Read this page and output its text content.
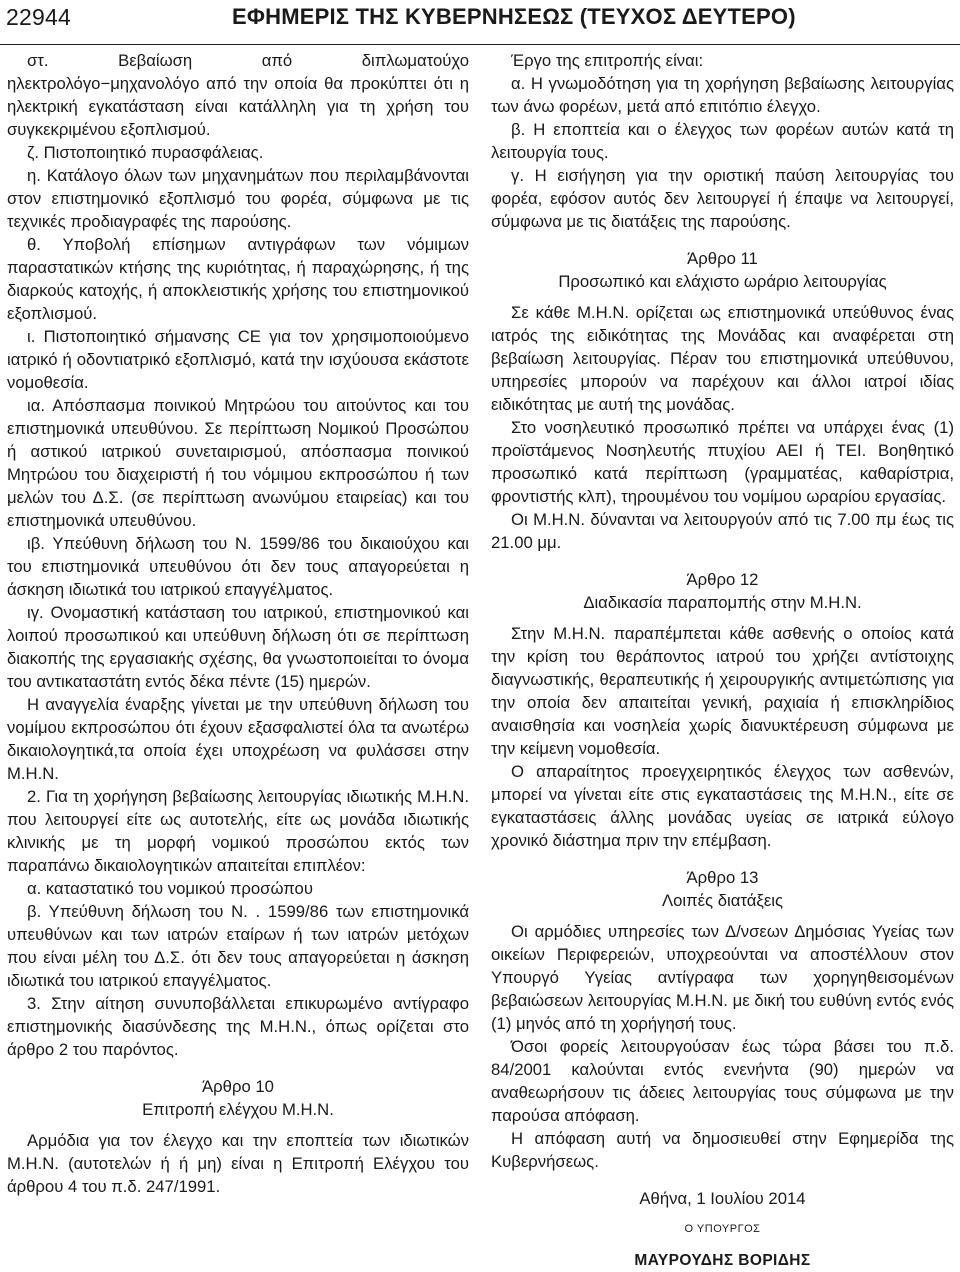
22944	ΕΦΗΜΕΡΙΣ ΤΗΣ ΚΥΒΕΡΝΗΣΕΩΣ (ΤΕΥΧΟΣ ΔΕΥΤΕΡΟ)

στ. Βεβαίωση από διπλωματούχο ηλεκτρολόγο−μηχανολόγο από την οποία θα προκύπτει ότι η ηλεκτρική εγκατάσταση είναι κατάλληλη για τη χρήση του συγκεκριμένου εξοπλισμού.

ζ. Πιστοποιητικό πυρασφάλειας.

η. Κατάλογο όλων των μηχανημάτων που περιλαμβάνονται στον επιστημονικό εξοπλισμό του φορέα, σύμφωνα με τις τεχνικές προδιαγραφές της παρούσης.

θ. Υποβολή επίσημων αντιγράφων των νόμιμων παραστατικών κτήσης της κυριότητας, ή παραχώρησης, ή της διαρκούς κατοχής, ή αποκλειστικής χρήσης του επιστημονικού εξοπλισμού.

ι. Πιστοποιητικό σήμανσης CE για τον χρησιμοποιούμενο ιατρικό ή οδοντιατρικό εξοπλισμό, κατά την ισχύουσα εκάστοτε νομοθεσία.

ια. Απόσπασμα ποινικού Μητρώου του αιτούντος και του επιστημονικά υπευθύνου. Σε περίπτωση Νομικού Προσώπου ή αστικού ιατρικού συνεταιρισμού, απόσπασμα ποινικού Μητρώου του διαχειριστή ή του νόμιμου εκπροσώπου ή των μελών του Δ.Σ. (σε περίπτωση ανωνύμου εταιρείας) και του επιστημονικά υπευθύνου.

ιβ. Υπεύθυνη δήλωση του Ν. 1599/86 του δικαιούχου και του επιστημονικά υπευθύνου ότι δεν τους απαγορεύεται η άσκηση ιδιωτικά του ιατρικού επαγγέλματος.

ιγ. Ονομαστική κατάσταση του ιατρικού, επιστημονικού και λοιπού προσωπικού και υπεύθυνη δήλωση ότι σε περίπτωση διακοπής της εργασιακής σχέσης, θα γνωστοποιείται το όνομα του αντικαταστάτη εντός δέκα πέντε (15) ημερών.

Η αναγγελία έναρξης γίνεται με την υπεύθυνη δήλωση του νομίμου εκπροσώπου ότι έχουν εξασφαλιστεί όλα τα ανωτέρω δικαιολογητικά,τα οποία έχει υποχρέωση να φυλάσσει στην Μ.Η.Ν.

2. Για τη χορήγηση βεβαίωσης λειτουργίας ιδιωτικής Μ.Η.Ν. που λειτουργεί είτε ως αυτοτελής, είτε ως μονάδα ιδιωτικής κλινικής με τη μορφή νομικού προσώπου εκτός των παραπάνω δικαιολογητικών απαιτείται επιπλέον:

α. καταστατικό του νομικού προσώπου

β. Υπεύθυνη δήλωση του Ν. . 1599/86 των επιστημονικά υπευθύνων και των ιατρών εταίρων ή των ιατρών μετόχων που είναι μέλη του Δ.Σ. ότι δεν τους απαγορεύεται η άσκηση ιδιωτικά του ιατρικού επαγγέλματος.

3. Στην αίτηση συνυποβάλλεται επικυρωμένο αντίγραφο επιστημονικής διασύνδεσης της Μ.Η.Ν., όπως ορίζεται στο άρθρο 2 του παρόντος.

Άρθρο 10

Επιτροπή ελέγχου Μ.Η.Ν.

Αρμόδια για τον έλεγχο και την εποπτεία των ιδιωτικών Μ.Η.Ν. (αυτοτελών ή ή μη) είναι η Επιτροπή Ελέγχου του άρθρου 4 του π.δ. 247/1991.

Έργο της επιτροπής είναι:

α. Η γνωμοδότηση για τη χορήγηση βεβαίωσης λειτουργίας των άνω φορέων, μετά από επιτόπιο έλεγχο.

β. Η εποπτεία και ο έλεγχος των φορέων αυτών κατά τη λειτουργία τους.

γ. Η εισήγηση για την οριστική παύση λειτουργίας του φορέα, εφόσον αυτός δεν λειτουργεί ή έπαψε να λειτουργεί, σύμφωνα με τις διατάξεις της παρούσης.

Άρθρο 11

Προσωπικό και ελάχιστο ωράριο λειτουργίας

Σε κάθε Μ.Η.Ν. ορίζεται ως επιστημονικά υπεύθυνος ένας ιατρός της ειδικότητας της Μονάδας και αναφέρεται στη βεβαίωση λειτουργίας. Πέραν του επιστημονικά υπεύθυνου, υπηρεσίες μπορούν να παρέχουν και άλλοι ιατροί ιδίας ειδικότητας με αυτή της μονάδας.

Στο νοσηλευτικό προσωπικό πρέπει να υπάρχει ένας (1) προϊστάμενος Νοσηλευτής πτυχίου ΑΕΙ ή ΤΕΙ. Βοηθητικό προσωπικό κατά περίπτωση (γραμματέας, καθαρίστρια, φροντιστής κλπ), τηρουμένου του νομίμου ωραρίου εργασίας.

Οι Μ.Η.Ν. δύνανται να λειτουργούν από τις 7.00 πμ έως τις 21.00 μμ.

Άρθρο 12

Διαδικασία παραπομπής στην Μ.Η.Ν.

Στην Μ.Η.Ν. παραπέμπεται κάθε ασθενής ο οποίος κατά την κρίση του θεράποντος ιατρού του χρήζει αντίστοιχης διαγνωστικής, θεραπευτικής ή χειρουργικής αντιμετώπισης για την οποία δεν απαιτείται γενική, ραχιαία ή επισκληρίδιος αναισθησία και νοσηλεία χωρίς διανυκτέρευση σύμφωνα με την κείμενη νομοθεσία.

Ο απαραίτητος προεγχειρητικός έλεγχος των ασθενών, μπορεί να γίνεται είτε στις εγκαταστάσεις της Μ.Η.Ν., είτε σε εγκαταστάσεις άλλης μονάδας υγείας σε ιατρικά εύλογο χρονικό διάστημα πριν την επέμβαση.

Άρθρο 13

Λοιπές διατάξεις

Οι αρμόδιες υπηρεσίες των Δ/νσεων Δημόσιας Υγείας των οικείων Περιφερειών, υποχρεούνται να αποστέλλουν στον Υπουργό Υγείας αντίγραφα των χορηγηθεισομένων βεβαιώσεων λειτουργίας Μ.Η.Ν. με δική του ευθύνη εντός ενός (1) μηνός από τη χορήγησή τους.

Όσοι φορείς λειτουργούσαν έως τώρα βάσει του π.δ. 84/2001 καλούνται εντός ενενήντα (90) ημερών να αναθεωρήσουν τις άδειες λειτουργίας τους σύμφωνα με την παρούσα απόφαση.

Η απόφαση αυτή να δημοσιευθεί στην Εφημερίδα της Κυβερνήσεως.

Αθήνα, 1 Ιουλίου 2014

Ο ΥΠΟΥΡΓΟΣ

ΜΑΥΡΟΥΔΗΣ ΒΟΡΙΔΗΣ
